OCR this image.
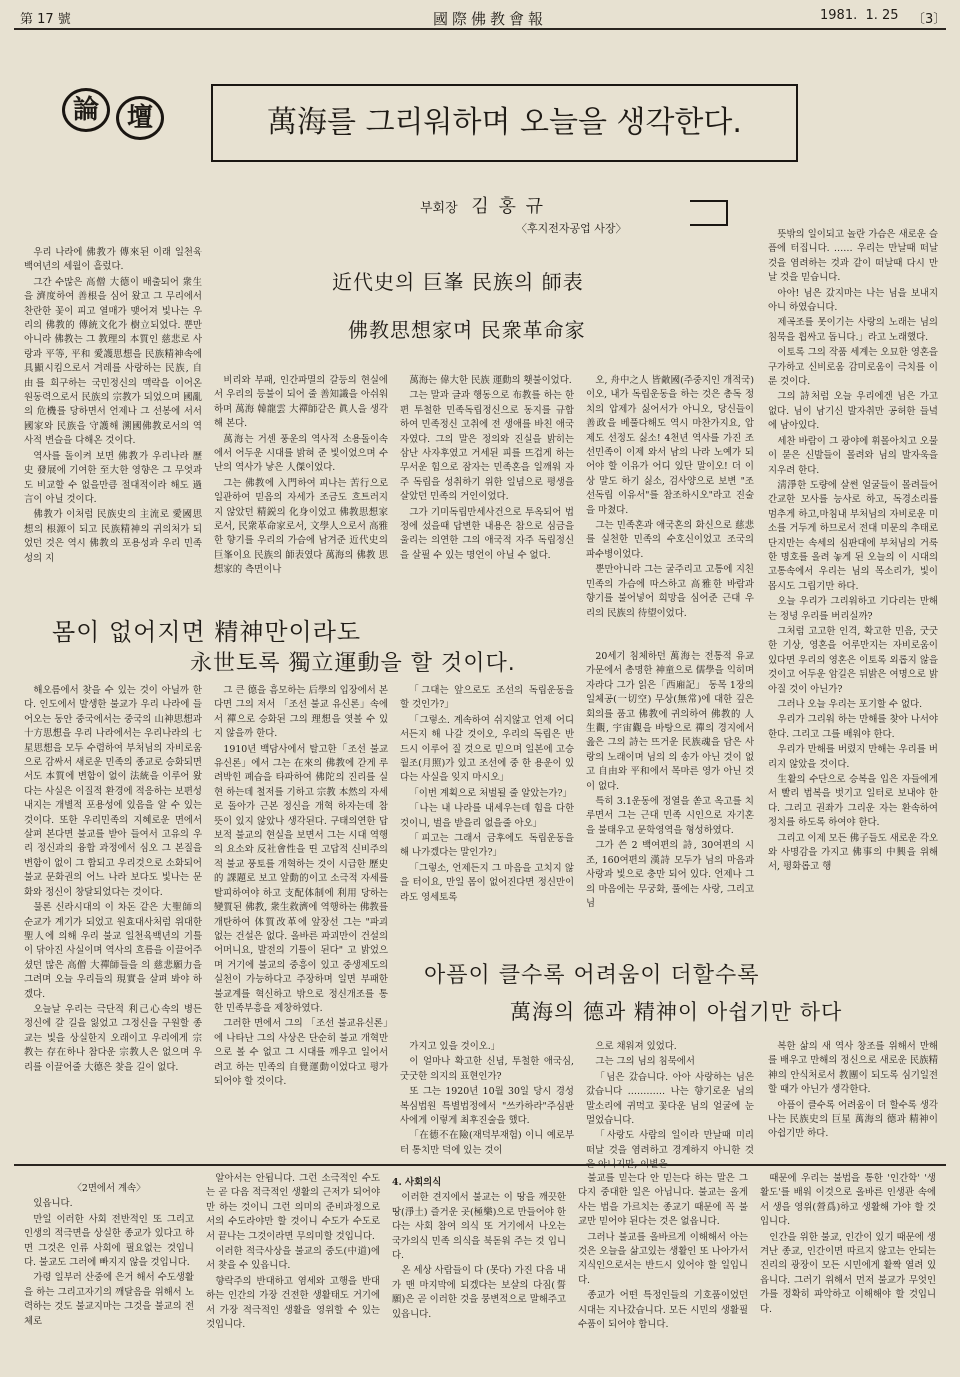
第 17 號	國際佛教會報	1981.  1. 25 〔3〕
論	壇	萬海를 그리워하며 오늘을 생각한다.
부회장 김 홍 규
〈후지전자공업 사장〉
近代史의 巨峯 民族의 師表
佛教思想家며 民衆革命家
몸이 없어지면 精神만이라도
永世토록 獨立運動을 할 것이다.
아픔이 클수록 어려움이 더할수록
萬海의 德과 精神이 아쉽기만 하다

우리 나라에 佛教가 傳來된 이래 일천육백여년의 세월이 흘렀다.

그간 수많은 高僧 大德이 배출되어 衆生을 濟度하여 善根을 심어 왔고 그 무리에서 찬란한 꽃이 피고 열매가 맺어져 빛나는 우리의 佛教的 傳統文化가 樹立되었다. 뿐만 아니라 佛教는 그 教理의 本質인 慈悲로 사랑과 平等, 平和 愛護思想을 民族精神속에 具顯시킴으로서 겨레를 사랑하는 民族, 自由를 희구하는 국민정신의 맥락을 이어온 원동력으로서 民族의 宗教가 되었으며 國亂의 危機를 당하면서 언제나 그 선봉에 서서 國家와 民族을 守護해 溯國佛教로서의 역사적 변슬을 다해온 것이다.

역사를 돌이켜 보면 佛教가 우리나라 歷史 發展에 기여한 至大한 영향은 그 무엇과도 비교할 수 없을만큼 절대적이라 해도 過言이 아닐 것이다.

佛教가 이처럼 民族史의 主流로 愛國思想의 根源이 되고 民族精神의 귀의처가 되었던 것은 역시 佛教의 포용성과 우리 민족성의 지

비리와 부패, 인간파멸의 갈등의 현실에서 우리의 등불이 되어 줄 善知識을 아쉬워 하며 萬海 韓龍雲 大禪師같은 眞人을 생각해 본다.

萬海는 거센 풍운의 역사적 소용돌이속에서 어두운 시대를 밝혀 준 빛이었으며 수난의 역사가 낳은 人傑이었다.

그는 佛教에 入門하여 피나는 苦行으로 일관하여 믿음의 자세가 조금도 흐트러지지 않았던 精鋭의 化身이었고 佛教思想家로서, 民衆革命家로서, 文學人으로서 高雅한 향기를 우리의 가슴에 남겨준 近代史의 巨峯이요 民族의 師表였다 萬海의 佛教 思想家的 측면이나

萬海는 偉大한 民族 運動의 횃불이었다.

그는 말과 글과 행동으로 布教를 하는 한편 투철한 민족독립정신으로 동지를 규합하여 민족정신 고취에 전 생애를 바친 애국자였다. 그의 말은 정의와 진실을 밝히는 삼난 사자후였고 거세된 피를 뜨겁게 하는 무서운 힘으로 잠자는 민족혼을 일깨워 자주 독립을 성취하기 위한 일념으로 평생을 살았던 민족의 거인이었다.

그가 기미독립만세사건으로 투옥되어 법정에 섰을때 답변한 내용은 참으로 심금을 울리는 의연한 그의 애국적 자주 독립정신을 살필 수 있는 명언이 아닐 수 없다.

오, 舟中之人 皆敵國(주중지인 개적국)이오, 내가 독립운동을 하는 것은 총독 정치의 압제가 싫어서가 아니오, 당신들이 善政을 베풀다해도 역시 마찬가지요, 압제도 선정도 싫소! 4천년 역사를 가진 조선민족이 이제 와서 남의 나라 노예가 되어야 할 이유가 어디 있단 말이오! 더 이상 말도 하기 싫소, 검사양으로 보변 "조선독립 이유서"를 참조하시오"라고 진술을 마쳤다.

그는 민족혼과 애국혼의 화신으로 慈悲를 실천한 민족의 수호신이었고 조국의 파수병이었다.

뿐만아니라 그는 굴주리고 고통에 지친 민족의 가슴에 따스하고 高雅한 바람과 향기를 불어넣어 희망을 심어준 근대 우리의 民族의 待望이었다.

뜻밖의 일이되고 놀란 가슴은 새로운 슬픔에 터집니다. …… 우리는 만날때 떠날 것을 염려하는 것과 같이 떠날때 다시 만날 것을 믿습니다.

아아! 님은 갔지마는 나는 님을 보내지 아니 하였습니다.

제곡조를 못이기는 사랑의 노래는 님의 침묵을 휩싸고 돕니다.」라고 노래했다.

이토록 그의 작품 세계는 오묘한 영혼을 구가하고 신비로움 감미로움이 극치를 이룬 것이다.

그의 詩처럼 오늘 우리에겐 님은 가고 없다. 님이 남기신 발자취만 공허한 들녘에 남아있다.

세찬 바람이 그 광야에 휘몰아치고 오물이 묻은 신발들이 몰려와 님의 발자욱을 지우려 한다.

淸淨한 도량에 살썬 얼굴들이 몰려들어 간교한 모사를 능사로 하고, 독경소리를 멈추게 하고,마침내 부처님의 자비로운 미소를 거두게 하므로서 전대 미문의 추태로 단지만는 속세의 심판대에 부처님의 거룩한 명호를 올려 놓게 된 오늘의 이 시대의 고통속에서 우리는 님의 목소리가, 빛이 몹시도 그립기만 하다.

오늘 우리가 그리워하고 기다리는 만해는 정녕 우리를 버리실까?

그처럼 고고한 인격, 확고한 민음, 굿굿한 기상, 영혼을 어루만지는 자비로움이 있다면 우리의 영혼은 이토록 외롭지 않을 것이고 어두운 암길은 뒤밝은 여명으로 밝아질 것이 아닌가?

그러나 오늘 우리는 포기할 수 없다.

우리가 그리워 하는 만해를 찾아 나서야 한다. 그리고 그를 배워야 한다.

우리가 만해를 버렸지 만해는 우리를 버리지 않았을 것이다.

生활의 수단으로 승복을 입은 자들에게서 빨리 법복을 벗기고 일터로 보내야 한다. 그리고 권좌가 그리운 자는 환속하여 정치를 하도록 하여야 한다.

그리고 이제 모든 佛子들도 새로운 각오와 사명감을 가지고 佛事의 中興을 위해서, 평화롭고 행

해오름에서 찾을 수 있는 것이 아닐까 한다. 인도에서 발생한 불교가 우리 나라에 들어오는 동안 중국에서는 중국의 山神思想과 十方思想을 우리 나라에서는 우리나라의 七星思想을 모두 수렴하여 부처님의 자비로움으로 감싸서 새로운 민족의 종교로 승화되면서도 本質에 변함이 없이 法統을 이루어 왔다는 사실은 이질적 환경에 적응하는 보편성 내지는 개별적 포용성에 있음을 알 수 있는 것이다. 또한 우리민족의 지혜로운 면에서 살펴 본다면 불교를 받아 들여서 고유의 우리 정신과의 융합 과정에서 심오 그 본질을 변함이 없이 그 합되고 우리것으로 소화되어 불교 문화권의 어느 나라 보다도 빛나는 문화와 정신이 창달되었다는 것이다.

물론 신라시대의 이 차돈 같은 大聖師의 순교가 계기가 되었고 원효대사처럼 위대한 聖人에 의해 우리 불교 일천육백년의 기틀이 닦아진 사실이며 역사의 흐름을 이끌어주셨던 많은 高僧 大禪師들을 의 慈悲願力을 그려며 오늘 우리들의 現實을 살펴 봐야 하겠다.

오늘날 우리는 극단적 利己心속의 병든 정신에 갈 길을 잃었고 그정신을 구원할 종교는 빛을 상실한지 오래이고 우리에게 宗教는 存在하나 참다운 宗教人은 없으며 우리를 이끌어줄 大德은 찾을 길이 없다.

그 큰 德을 흠모하는 后學의 입장에서 본다면 그의 저서 「조선 불교 유신론」속에서 禪으로 승화된 그의 理想을 엿볼 수 있지 않을까 한다.

1910년 백담사에서 탈고한「조선 불교 유신론」에서 그는 在來의 佛教에 갇게 루려박힌 폐습을 타파하여 佛陀의 진리를 실현 하는데 철저를 기하고 宗教 本然의 자세로 돌아가 근본 정신을 개혁 하자는데 참 뜻이 있지 않았나 생각된다. 구태의연한 답보적 불교의 현실을 보면서 그는 시대 역행의 요소와 反社會性을 띤 고답적 신비주의적 불교 풍토를 개혁하는 것이 시급한 歷史的 課題로 보고 앞動的이고 소극적 자세를 탈피하여야 하고 支配体制에 利用 당하는 變質된 佛教, 衆生救濟에 역행하는 佛教를 개탄하여 体質改革에 앞장선 그는 "파괴 없는 건설은 없다. 올바른 파괴만이 건설의 어머니요, 발전의 기틀이 된다" 고 밝었으며 거기에 불교의 중흥이 있고 중생제도의 실천이 가능하다고 주장하며 일면 부패한 불교계를 혁신하고 밖으로 정신개조를 통한 민족부흥을 제창하였다.

그러한 면에서 그의 「조선 불교유신론」에 나타난 그의 사상은 단순히 불교 개혁만으로 볼 수 없고 그 시대를 깨우고 일어서려고 하는 민족의 自覺運動이었다고 평가되어야 할 것이다.

「그대는 앞으로도 조선의 독립운동을 할 것인가?」

「그렇소. 계속하여 쉬지않고 언제 어디서든지 해 나갈 것이오, 우리의 독립은 반드시 이루어 질 것으로 믿으며 일본에 고승 월조(月照)가 있고 조선에 중 한 용운이 있다는 사실을 잊지 마시오」

「이번 계획으로 처벌될 줄 알았는가?」

「나는 내 나라를 내세우는데 힘을 다한 것이니, 벌을 받을리 없을줄 아오」

「피고는 그래서 금후에도 독립운동을 해 나가겠다는 말인가?」

「그렇소, 언제든지 그 마음을 고치지 않을 터이요, 만일 몸이 없어진다면 정신만이라도 영세토록

20세기 침체하던 萬海는 전통적 유교가문에서 총명한 神童으로 儒學을 익히며 자라다 그가 읽은「西廂記」 동목 1장의 일체공(一切空) 무상(無常)에 대한 깊은 회의를 품고 佛教에 귀의하여 佛教的 人生觀, 宇宙觀을 바탕으로 禪의 경지에서 읊은 그의 詩는 뜨거운 民族魂을 담은 사랑의 노래이며 님의 의 송가 아닌 것이 없고 自由와 平和에서 목마른 영가 아닌 것이 없다.

특히 3.1운동에 정열을 쏟고 옥고를 치루면서 그는 근대 민족 시인으로 자기혼을 불태우고 문학영역을 형성하였다.

그가 쓴 2 백여편의 詩, 30여편의 시조, 160여편의 漢詩 모두가 님의 마음과 사랑과 빛으로 충만 되어 있다. 언제나 그의 마음에는 무궁화, 풀에는 사랑, 그리고 님

가지고 있을 것이오.」

이 얼마나 확고한 신념, 투철한 애국심, 굿굿한 의지의 표현인가?

또 그는 1920년 10월 30일 당시 경성복심법원 특별법정에서 "쓰카하라"주심판사에게 이렇게 최후진술을 했다.

「在德不在險(재덕부재험) 이니 예로부터 통치만 덕에 있는 것이

으로 채워져 있었다.

그는 그의 님의 침묵에서

「님은 갔습니다. 아아 사랑하는 님은 갔습니다 ………… 나는 향기로운 님의 말소리에 귀먹고 꽃다운 님의 얼굴에 눈 멀었습니다.

「사랑도 사람의 일이라 만날때 미리 떠날 것을 염려하고 경계하지 아니한 것

복한 삶의 새 역사 창조를 위해서 만해를 배우고 만해의 정신으로 새로운 民族精神의 안식처로서 教團이 되도록 심기일전 할 때가 아닌가 생각한다.

아픔이 클수록 어려움이 더 할수록 생각나는 民族史의 巨星 萬海의 德과 精神이 아쉽기만 하다.

〈2면에서 계속〉

있읍니다.

만일 이러한 사회 전반적인 또 그리고 인생의 적극면을 상실한 종교가 있다고 하면 그것은 인류 사회에 필요없는 것입니다. 불교도 그러에 빠지지 않을 것입니다.

가령 일부러 산중에 은거 해서 수도생활을 하는 그리고자기의 깨달음을 위해서 노력하는 것도 불교지마는 그것을 불교의 전체로

알아서는 안됩니다. 그런 소극적인 수도는 곧 다음 적극적인 생활의 근저가 되어야만 하는 것이니 그런 의미의 준비과정으로서의 수도라야만 할 것이니 수도가 수도로서 끝나는 그것이라면 무의미할 것입니다.

이러한 적극사상을 불교의 중도(中道)에서 찾을 수 있읍니다.

향락주의 반대하고 염세와 고행을 반대하는 인간의 가장 건전한 생활태도 거기에서 가장 적극적인 생활을 영위할 수 있는 것입니다.

4. 사회의식

이러한 견지에서 불교는 이 땅을 깨끗한 땅(淨土) 즐거운 곳(極樂)으로 만들어야 한다는 사회 참여 의식 또 거기에서 나오는 국가의식 민족 의식을 북돋워 주는 것 입니다.

온 세상 사람들이 다 (못다) 가진 다음 내가 맨 마지막에 되겠다는 보살의 다짐(誓願)은 곧 이러한 것을 뭉변적으로 말해주고 있읍니다.

불교를 믿는다 안 믿는다 하는 말은 그다지 중대한 일은 아닙니다. 불교는 올게 사는 법을 가르치는 종교기 때문에 꼭 불교만 믿어야 된다는 것은 없읍니다.

그러나 불교를 올바르게 이해해서 아는 것은 오늘을 삶고있는 생활인 또 나아가서 지식인으로서는 반드시 있어야 할 일입니다.

종교가 어떤 특정인들의 기호품이었던 시대는 지나갔습니다. 모든 시민의 생활필수품이 되어야 합니다.

때문에 우리는 불법을 통한 '인간학' '생활도'를 배워 이것으로 올바른 인생관 속에서 생을 영위(營爲)하고 생활해 가야 할 것입니다.

인간을 위한 불교, 인간이 있기 때문에 생겨난 종교, 인간이면 따르지 않고는 안되는 진리의 광장이 모든 시민에게 활짝 열려 있읍니다. 그러기 위해서 먼저 불교가 무엇인가를 정확히 파악하고 이해해야 할 것입니다.
